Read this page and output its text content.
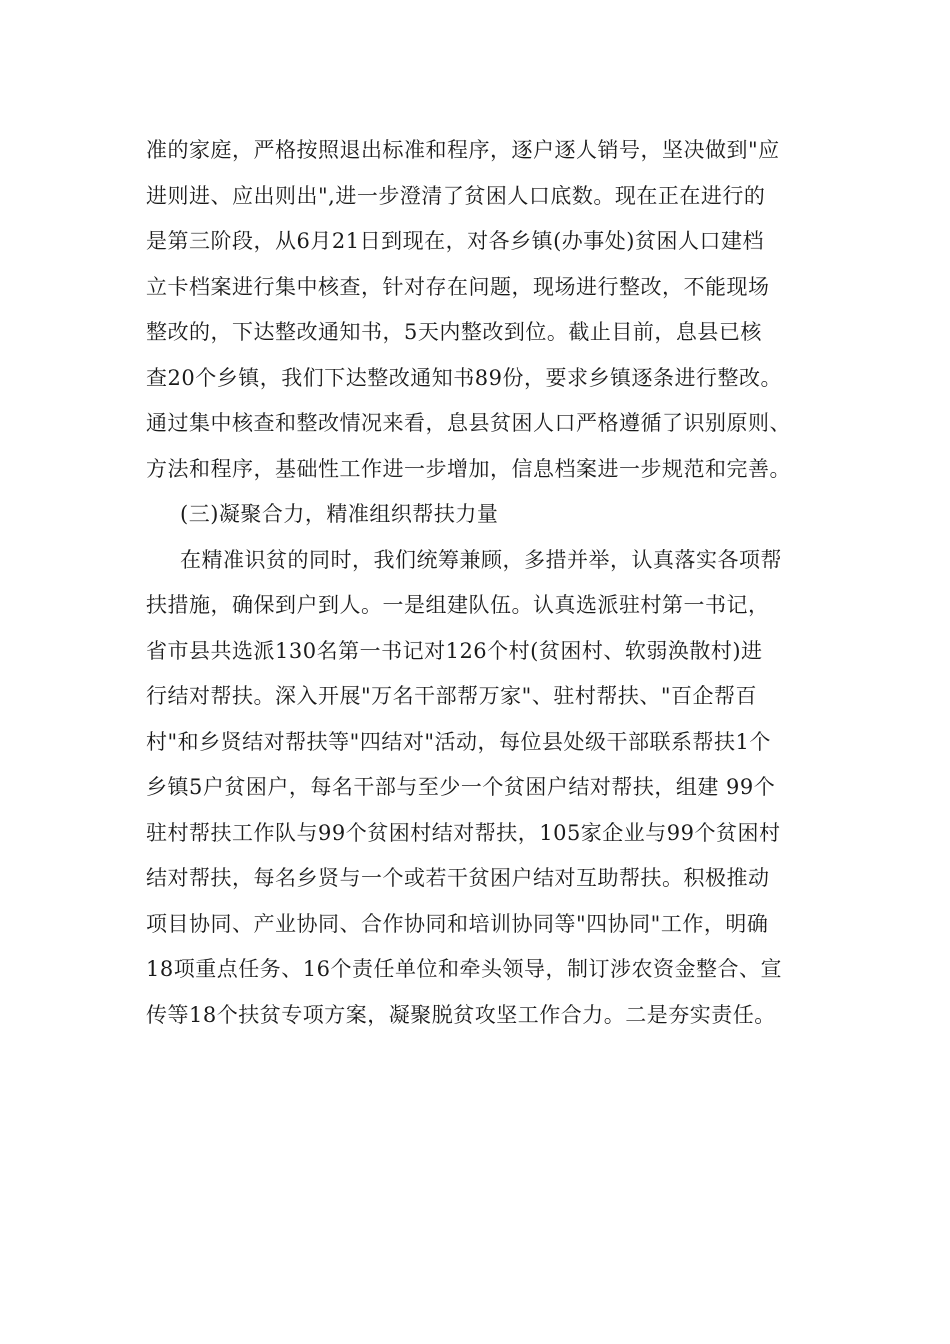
准的家庭，严格按照退出标准和程序，逐户逐人销号，坚决做到"应
进则进、应出则出",进一步澄清了贫困人口底数。现在正在进行的
是第三阶段，从6月21日到现在，对各乡镇(办事处)贫困人口建档
立卡档案进行集中核查，针对存在问题，现场进行整改，不能现场
整改的，下达整改通知书，5天内整改到位。截止目前，息县已核
查20个乡镇，我们下达整改通知书89份，要求乡镇逐条进行整改。
通过集中核查和整改情况来看，息县贫困人口严格遵循了识别原则、
方法和程序，基础性工作进一步增加，信息档案进一步规范和完善。
(三)凝聚合力，精准组织帮扶力量
在精准识贫的同时，我们统筹兼顾，多措并举，认真落实各项帮
扶措施，确保到户到人。一是组建队伍。认真选派驻村第一书记，
省市县共选派130名第一书记对126个村(贫困村、软弱涣散村)进
行结对帮扶。深入开展"万名干部帮万家"、驻村帮扶、"百企帮百
村"和乡贤结对帮扶等"四结对"活动，每位县处级干部联系帮扶1个
乡镇5户贫困户，每名干部与至少一个贫困户结对帮扶，组建 99个
驻村帮扶工作队与99个贫困村结对帮扶，105家企业与99个贫困村
结对帮扶，每名乡贤与一个或若干贫困户结对互助帮扶。积极推动
项目协同、产业协同、合作协同和培训协同等"四协同"工作，明确
18项重点任务、16个责任单位和牵头领导，制订涉农资金整合、宣
传等18个扶贫专项方案，凝聚脱贫攻坚工作合力。二是夯实责任。
